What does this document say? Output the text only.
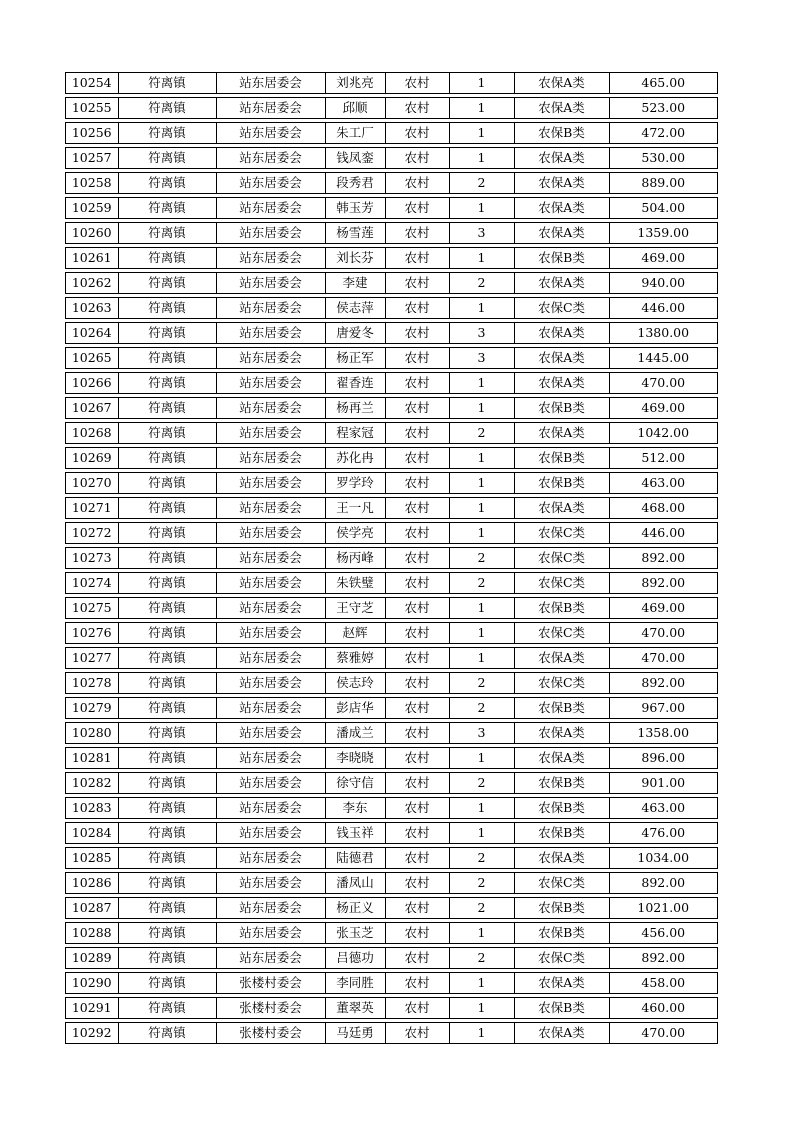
10254	符离镇	站东居委会	刘兆亮	农村	1	农保A类	465.00
10255	符离镇	站东居委会	邱顺	农村	1	农保A类	523.00
10256	符离镇	站东居委会	朱工厂	农村	1	农保B类	472.00
10257	符离镇	站东居委会	钱凤銮	农村	1	农保A类	530.00
10258	符离镇	站东居委会	段秀君	农村	2	农保A类	889.00
10259	符离镇	站东居委会	韩玉芳	农村	1	农保A类	504.00
10260	符离镇	站东居委会	杨雪莲	农村	3	农保A类	1359.00
10261	符离镇	站东居委会	刘长芬	农村	1	农保B类	469.00
10262	符离镇	站东居委会	李建	农村	2	农保A类	940.00
10263	符离镇	站东居委会	侯志萍	农村	1	农保C类	446.00
10264	符离镇	站东居委会	唐爱冬	农村	3	农保A类	1380.00
10265	符离镇	站东居委会	杨正军	农村	3	农保A类	1445.00
10266	符离镇	站东居委会	翟香连	农村	1	农保A类	470.00
10267	符离镇	站东居委会	杨再兰	农村	1	农保B类	469.00
10268	符离镇	站东居委会	程家冠	农村	2	农保A类	1042.00
10269	符离镇	站东居委会	苏化冉	农村	1	农保B类	512.00
10270	符离镇	站东居委会	罗学玲	农村	1	农保B类	463.00
10271	符离镇	站东居委会	王一凡	农村	1	农保A类	468.00
10272	符离镇	站东居委会	侯学亮	农村	1	农保C类	446.00
10273	符离镇	站东居委会	杨丙峰	农村	2	农保C类	892.00
10274	符离镇	站东居委会	朱铁璧	农村	2	农保C类	892.00
10275	符离镇	站东居委会	王守芝	农村	1	农保B类	469.00
10276	符离镇	站东居委会	赵辉	农村	1	农保C类	470.00
10277	符离镇	站东居委会	蔡雅婷	农村	1	农保A类	470.00
10278	符离镇	站东居委会	侯志玲	农村	2	农保C类	892.00
10279	符离镇	站东居委会	彭店华	农村	2	农保B类	967.00
10280	符离镇	站东居委会	潘成兰	农村	3	农保A类	1358.00
10281	符离镇	站东居委会	李晓晓	农村	1	农保A类	896.00
10282	符离镇	站东居委会	徐守信	农村	2	农保B类	901.00
10283	符离镇	站东居委会	李东	农村	1	农保B类	463.00
10284	符离镇	站东居委会	钱玉祥	农村	1	农保B类	476.00
10285	符离镇	站东居委会	陆德君	农村	2	农保A类	1034.00
10286	符离镇	站东居委会	潘凤山	农村	2	农保C类	892.00
10287	符离镇	站东居委会	杨正义	农村	2	农保B类	1021.00
10288	符离镇	站东居委会	张玉芝	农村	1	农保B类	456.00
10289	符离镇	站东居委会	吕德功	农村	2	农保C类	892.00
10290	符离镇	张楼村委会	李同胜	农村	1	农保A类	458.00
10291	符离镇	张楼村委会	董翠英	农村	1	农保B类	460.00
10292	符离镇	张楼村委会	马廷勇	农村	1	农保A类	470.00
